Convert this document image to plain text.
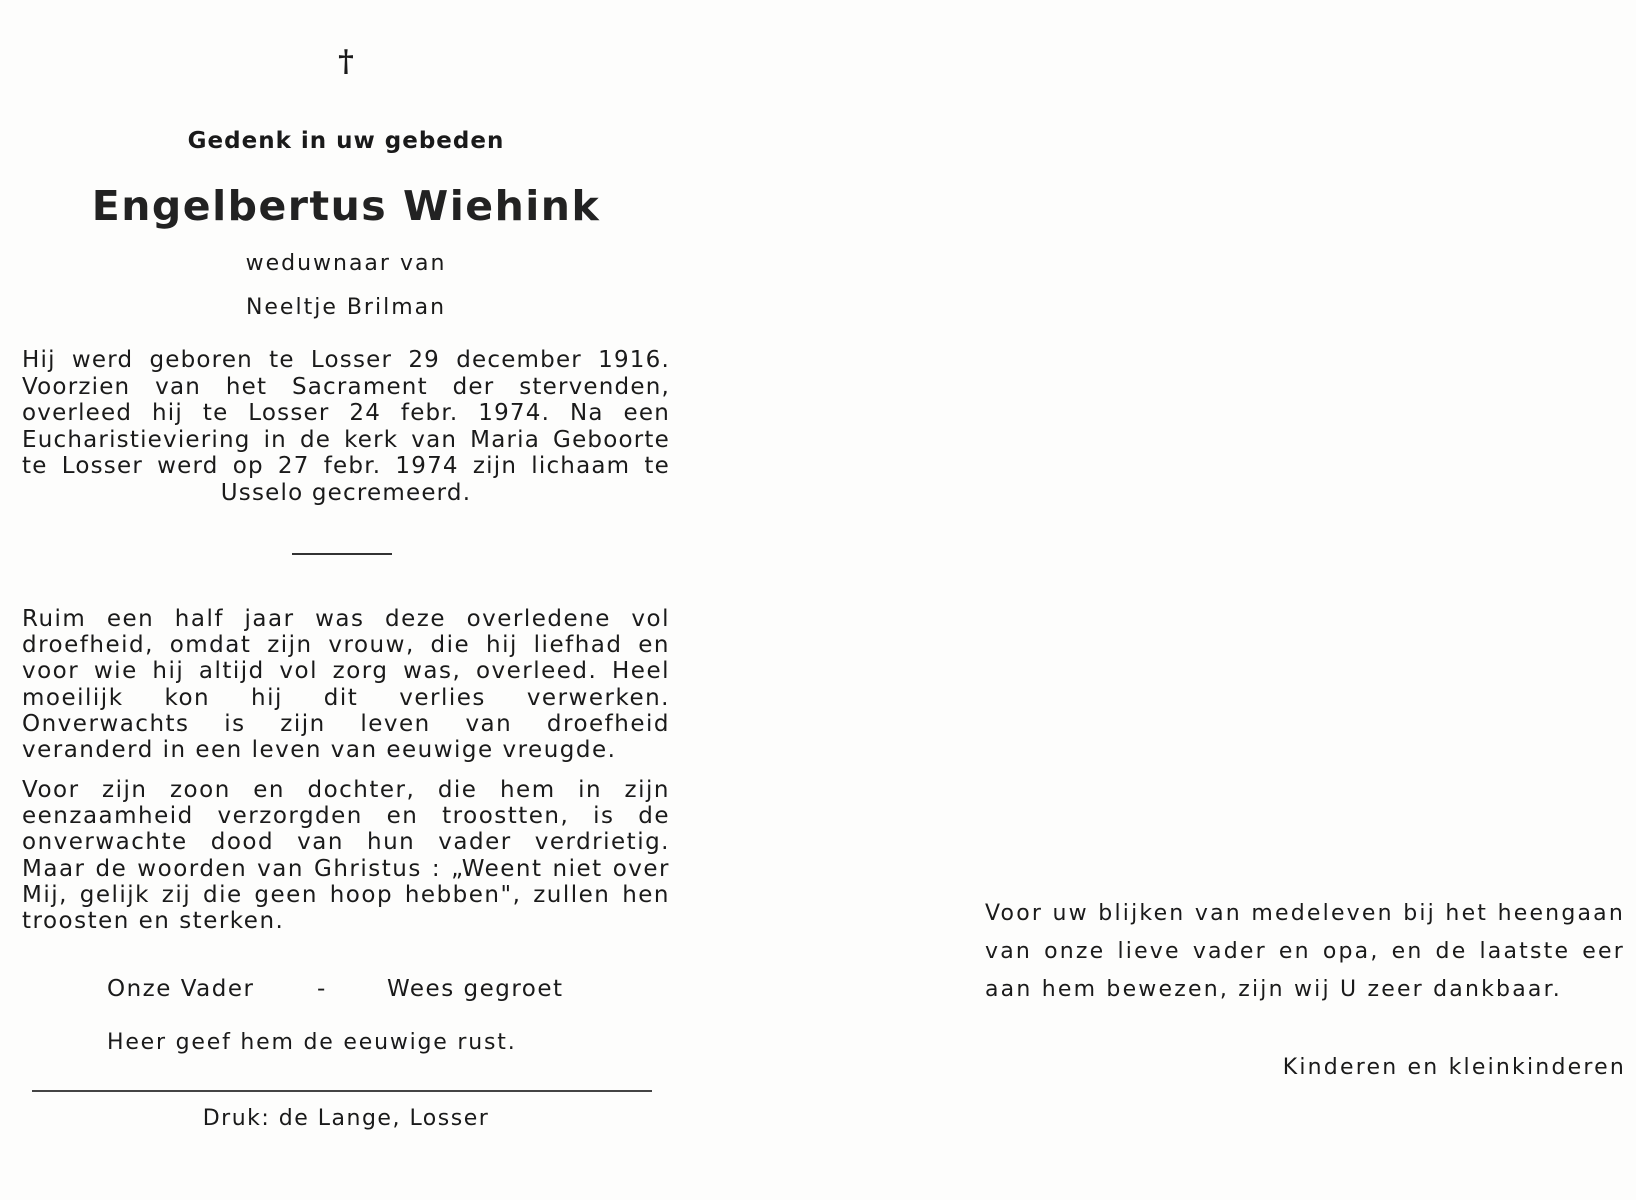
†
Gedenk in uw gebeden
Engelbertus Wiehink
weduwnaar van
Neeltje Brilman
Hij werd geboren te Losser 29 december 1916. Voorzien van het Sacrament der stervenden, overleed hij te Losser 24 febr. 1974. Na een Eucharistieviering in de kerk van Maria Geboorte te Losser werd op 27 febr. 1974 zijn lichaam te Usselo gecremeerd.
Ruim een half jaar was deze overledene vol droefheid, omdat zijn vrouw, die hij liefhad en voor wie hij altijd vol zorg was, overleed. Heel moeilijk kon hij dit verlies verwerken. Onverwachts is zijn leven van droefheid veranderd in een leven van eeuwige vreugde.
Voor zijn zoon en dochter, die hem in zijn eenzaamheid verzorgden en troostten, is de onverwachte dood van hun vader verdrietig. Maar de woorden van Ghristus : „Weent niet over Mij, gelijk zij die geen hoop hebben", zullen hen troosten en sterken.
Onze Vader	-	Wees gegroet
Heer geef hem de eeuwige rust.
Druk: de Lange, Losser
Voor uw blijken van medeleven bij het heengaan van onze lieve vader en opa, en de laatste eer aan hem bewezen, zijn wij U zeer dankbaar.
Kinderen en kleinkinderen
